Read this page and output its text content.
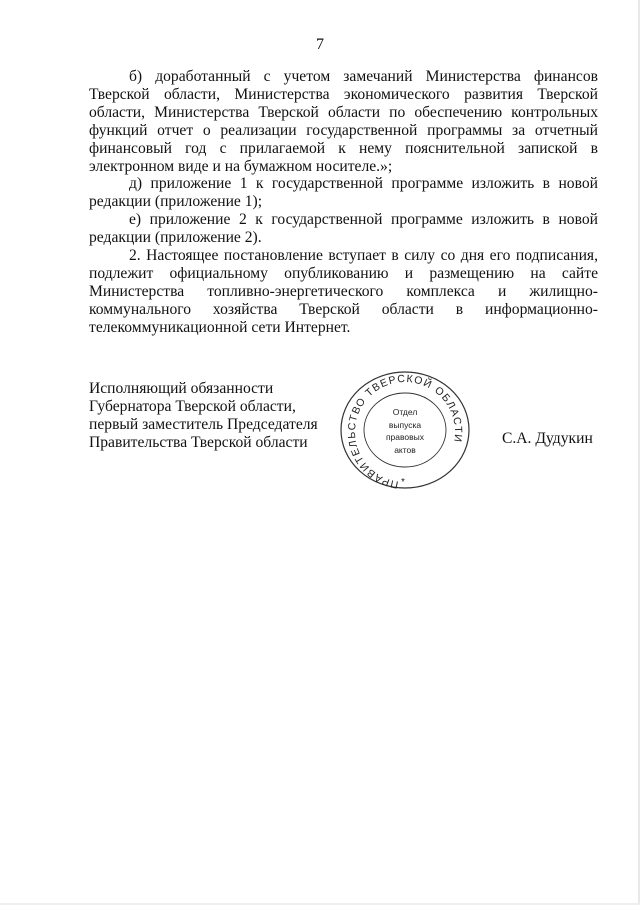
7

б) доработанный с учетом замечаний Министерства финансов Тверской области, Министерства экономического развития Тверской области, Министерства Тверской области по обеспечению контрольных функций отчет о реализации государственной программы за отчетный финансовый год с прилагаемой к нему пояснительной запиской в электронном виде и на бумажном носителе.»;

д) приложение 1 к государственной программе изложить в новой редакции (приложение 1);

е) приложение 2 к государственной программе изложить в новой редакции (приложение 2).

2. Настоящее постановление вступает в силу со дня его подписания, подлежит официальному опубликованию и размещению на сайте Министерства топливно-энергетического комплекса и жилищно-коммунального хозяйства Тверской области в информационно-телекоммуникационной сети Интернет.

Исполняющий обязанности
Губернатора Тверской области,
первый заместитель Председателя
Правительства Тверской области
ПРАВИТЕЛЬСТВО ТВЕРСКОЙ ОБЛАСТИ
*
Отдел
выпуска
правовых
актов
С.А. Дудукин
